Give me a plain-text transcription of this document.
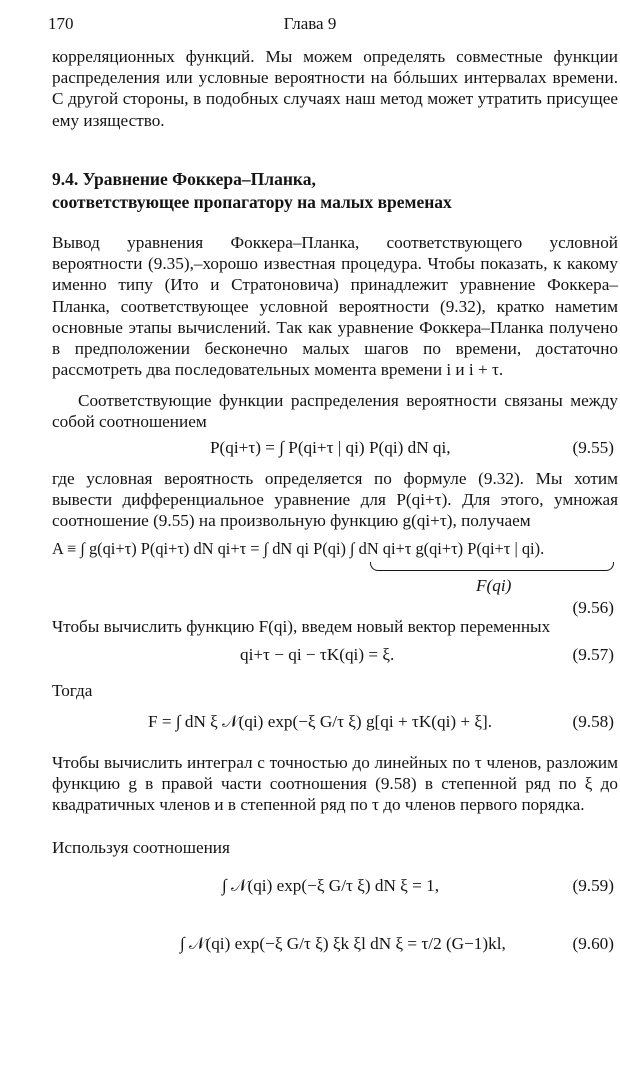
170	Глава 9
корреляционных функций. Мы можем определять совместные функции распределения или условные вероятности на бóльших интервалах времени. С другой стороны, в подобных случаях наш метод может утратить присущее ему изящество.
9.4. Уравнение Фоккера–Планка,
соответствующее пропагатору на малых временах
Вывод уравнения Фоккера–Планка, соответствующего условной вероятности (9.35),–хорошо известная процедура. Чтобы показать, к какому именно типу (Ито и Стратоновича) принадлежит уравнение Фоккера–Планка, соответствующее условной вероятности (9.32), кратко наметим основные этапы вычислений. Так как уравнение Фоккера–Планка получено в предположении бесконечно малых шагов по времени, достаточно рассмотреть два последовательных момента времени i и i + τ.
Соответствующие функции распределения вероятности связаны между собой соотношением
P(qi+τ) = ∫ P(qi+τ | qi) P(qi) dN qi,	(9.55)
где условная вероятность определяется по формуле (9.32). Мы хотим вывести дифференциальное уравнение для P(qi+τ). Для этого, умножая соотношение (9.55) на произвольную функцию g(qi+τ), получаем
A ≡ ∫ g(qi+τ) P(qi+τ) dN qi+τ = ∫ dN qi P(qi) ∫ dN qi+τ g(qi+τ) P(qi+τ | qi).
F(qi)
(9.56)
Чтобы вычислить функцию F(qi), введем новый вектор переменных
qi+τ − qi − τK(qi) = ξ.	(9.57)
Тогда
F = ∫ dN ξ 𝒩(qi) exp(−ξ G/τ ξ) g[qi + τK(qi) + ξ].	(9.58)
Чтобы вычислить интеграл с точностью до линейных по τ членов, разложим функцию g в правой части соотношения (9.58) в степенной ряд по ξ до квадратичных членов и в степенной ряд по τ до членов первого порядка.
Используя соотношения
∫ 𝒩(qi) exp(−ξ G/τ ξ) dN ξ = 1,	(9.59)
∫ 𝒩(qi) exp(−ξ G/τ ξ) ξk ξl dN ξ = τ/2 (G−1)kl,	(9.60)
